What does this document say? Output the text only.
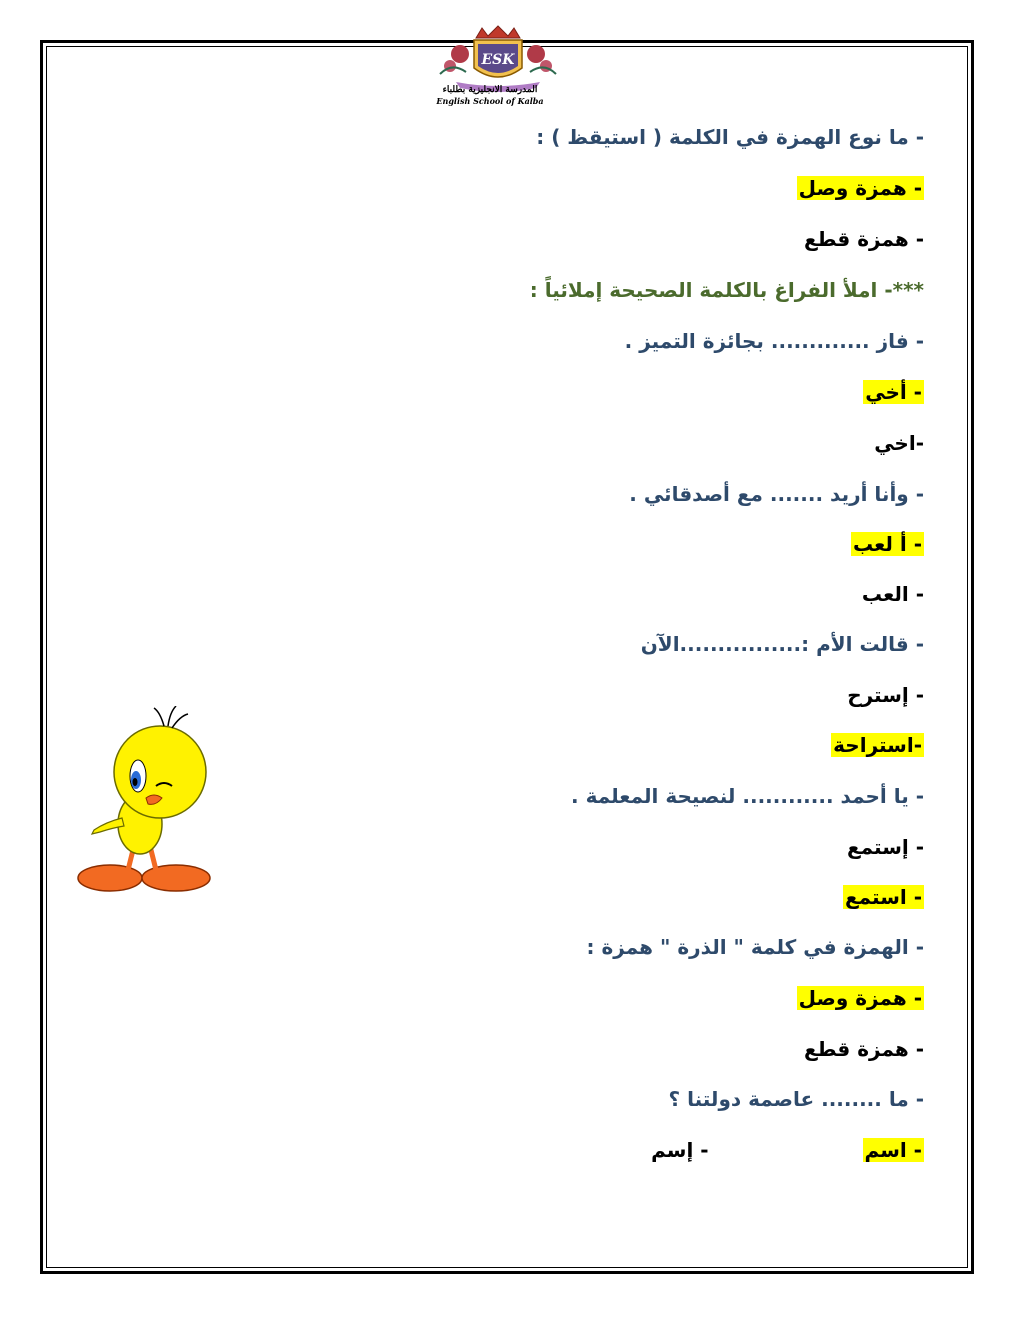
ESK
المدرسة الانجليزية بطلباء
English School of Kalba
- ما نوع الهمزة في الكلمة ( استيقظ ) :
- همزة وصل
- همزة قطع
***- املأ الفراغ بالكلمة الصحيحة إملائياً :
- فاز ............. بجائزة التميز .
- أخي
-اخي
- وأنا أريد ....... مع أصدقائي .
- أ لعب
- العب
- قالت الأم :................الآن
- إسترح
-استراحة
- يا أحمد ............ لنصيحة المعلمة .
- إستمع
- استمع
- الهمزة في كلمة " الذرة " همزة :
- همزة وصل
- همزة قطع
- ما ........ عاصمة دولتنا ؟
- اسم  - إسم
